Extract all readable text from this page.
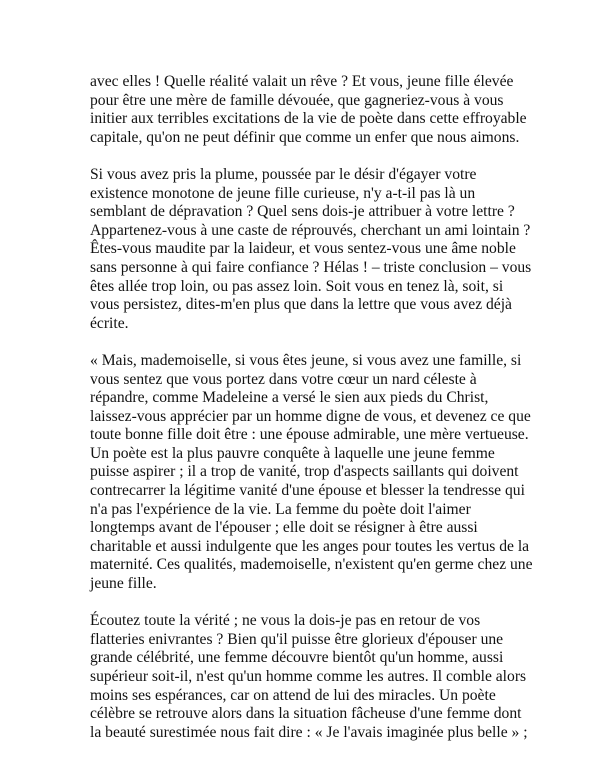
avec elles ! Quelle réalité valait un rêve ? Et vous, jeune fille élevée
pour être une mère de famille dévouée, que gagneriez-vous à vous
initier aux terribles excitations de la vie de poète dans cette effroyable
capitale, qu'on ne peut définir que comme un enfer que nous aimons.

Si vous avez pris la plume, poussée par le désir d'égayer votre
existence monotone de jeune fille curieuse, n'y a-t-il pas là un
semblant de dépravation ? Quel sens dois-je attribuer à votre lettre ?
Appartenez-vous à une caste de réprouvés, cherchant un ami lointain ?
Êtes-vous maudite par la laideur, et vous sentez-vous une âme noble
sans personne à qui faire confiance ? Hélas ! – triste conclusion – vous
êtes allée trop loin, ou pas assez loin. Soit vous en tenez là, soit, si
vous persistez, dites-m'en plus que dans la lettre que vous avez déjà
écrite.

« Mais, mademoiselle, si vous êtes jeune, si vous avez une famille, si
vous sentez que vous portez dans votre cœur un nard céleste à
répandre, comme Madeleine a versé le sien aux pieds du Christ,
laissez-vous apprécier par un homme digne de vous, et devenez ce que
toute bonne fille doit être : une épouse admirable, une mère vertueuse.
Un poète est la plus pauvre conquête à laquelle une jeune femme
puisse aspirer ; il a trop de vanité, trop d'aspects saillants qui doivent
contrecarrer la légitime vanité d'une épouse et blesser la tendresse qui
n'a pas l'expérience de la vie. La femme du poète doit l'aimer
longtemps avant de l'épouser ; elle doit se résigner à être aussi
charitable et aussi indulgente que les anges pour toutes les vertus de la
maternité. Ces qualités, mademoiselle, n'existent qu'en germe chez une
jeune fille.

Écoutez toute la vérité ; ne vous la dois-je pas en retour de vos
flatteries enivrantes ? Bien qu'il puisse être glorieux d'épouser une
grande célébrité, une femme découvre bientôt qu'un homme, aussi
supérieur soit-il, n'est qu'un homme comme les autres. Il comble alors
moins ses espérances, car on attend de lui des miracles. Un poète
célèbre se retrouve alors dans la situation fâcheuse d'une femme dont
la beauté surestimée nous fait dire : « Je l'avais imaginée plus belle » ;
